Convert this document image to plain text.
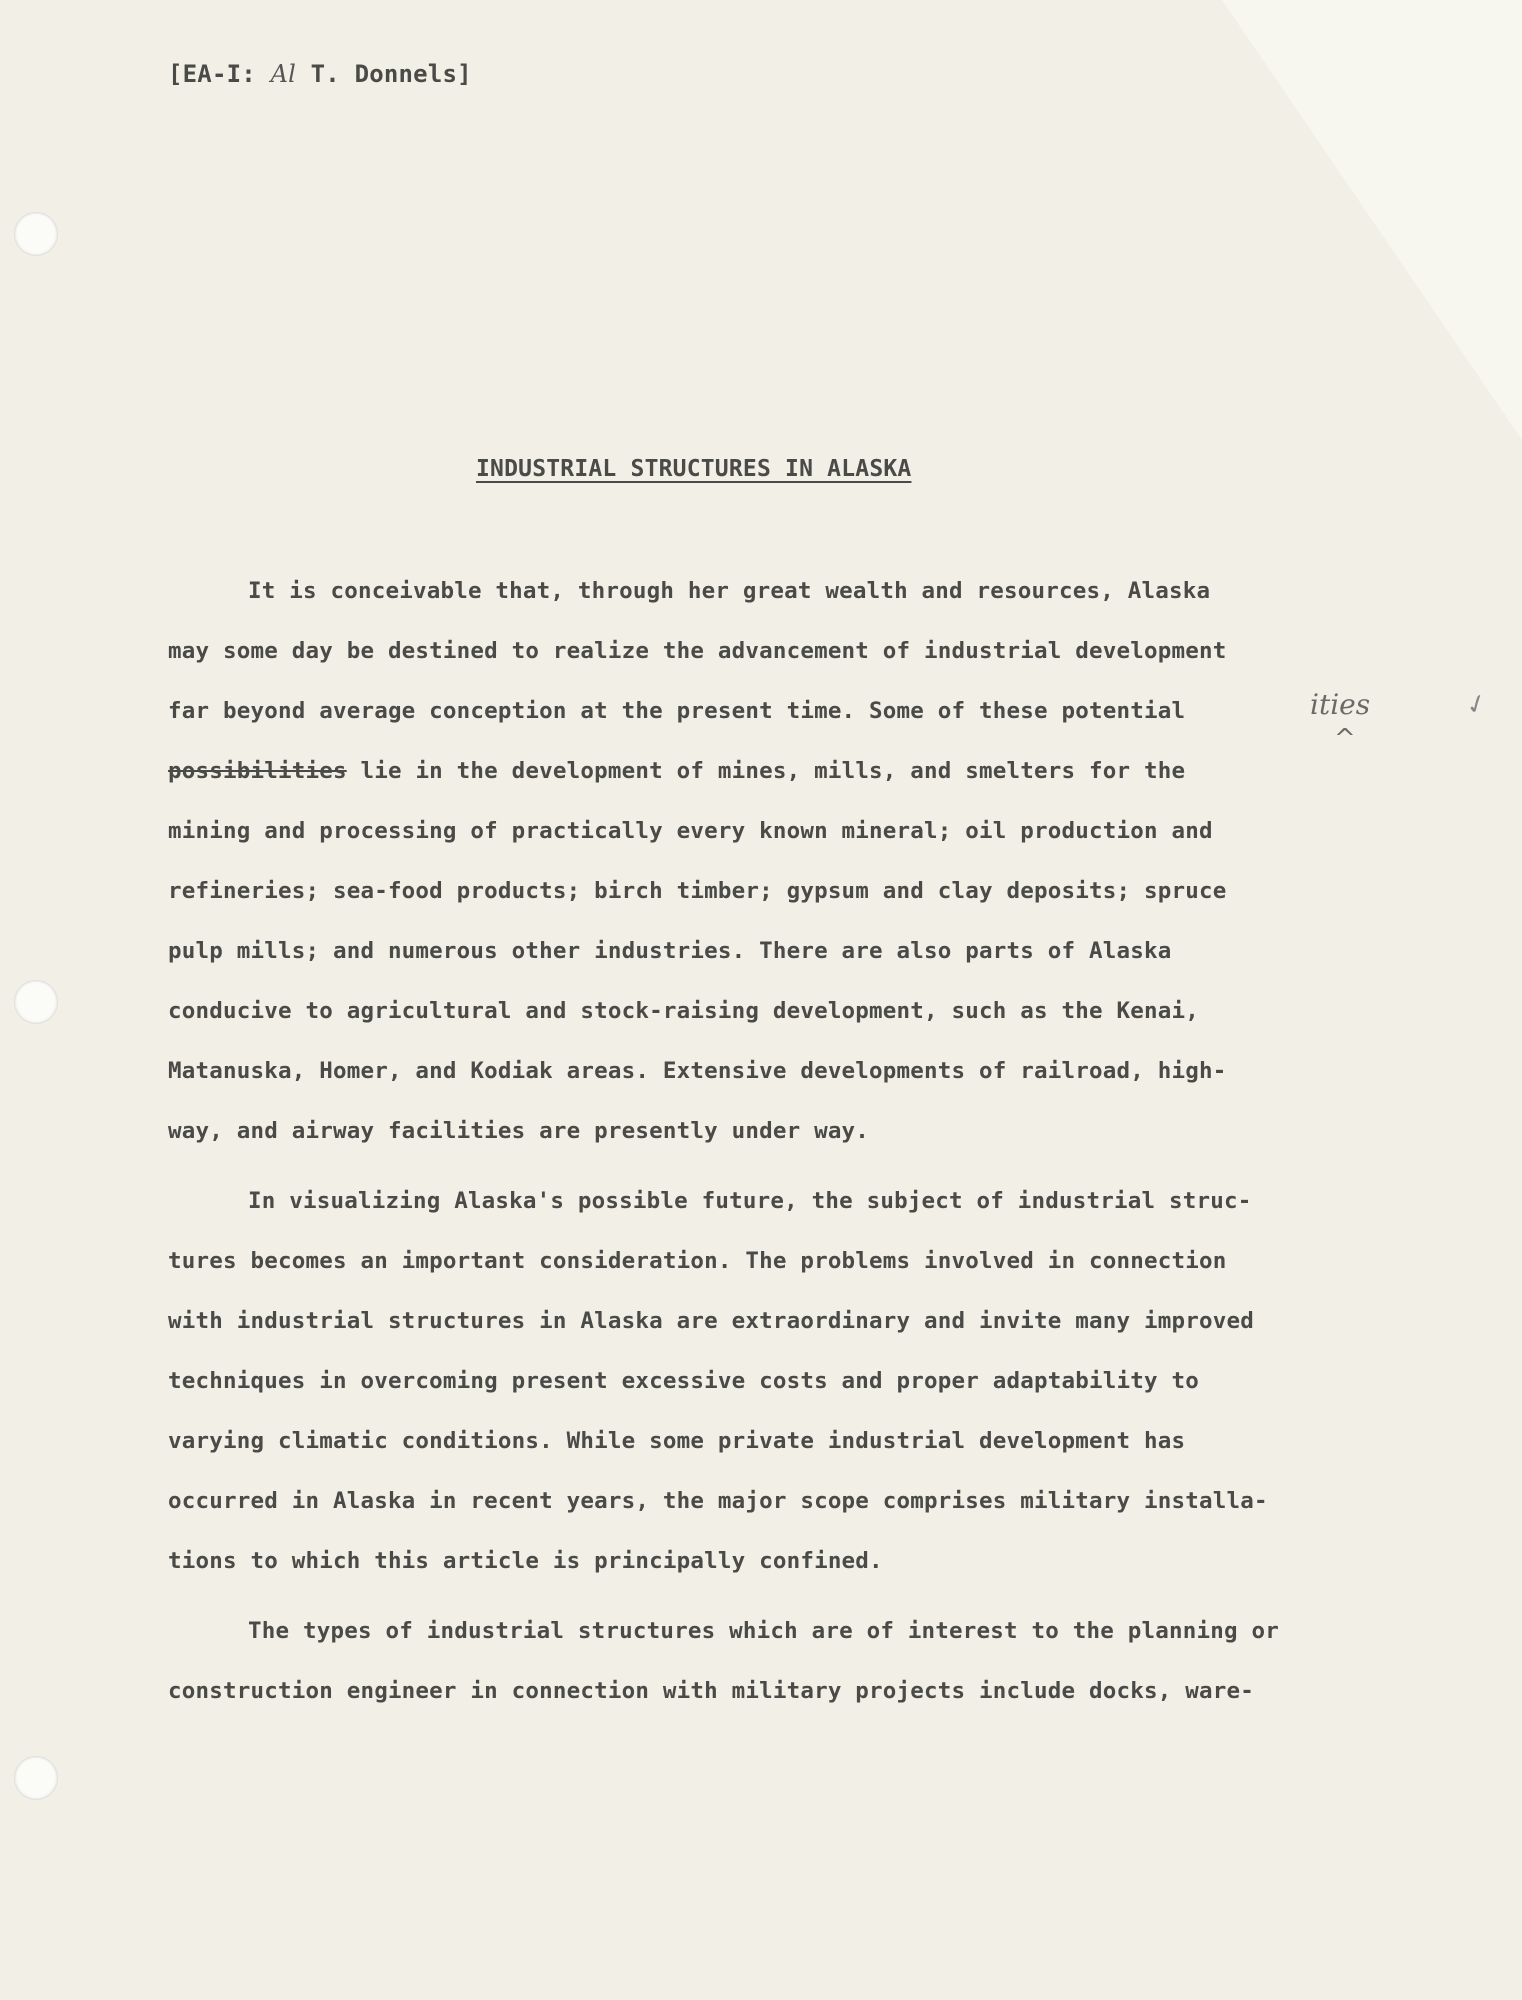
[EA-I: Al T. Donnels]
INDUSTRIAL STRUCTURES IN ALASKA
It is conceivable that, through her great wealth and resources, Alaska
may some day be destined to realize the advancement of industrial development
far beyond average conception at the present time. Some of these potential
possibilities lie in the development of mines, mills, and smelters for the
mining and processing of practically every known mineral; oil production and
refineries; sea-food products; birch timber; gypsum and clay deposits; spruce
pulp mills; and numerous other industries. There are also parts of Alaska
conducive to agricultural and stock-raising development, such as the Kenai,
Matanuska, Homer, and Kodiak areas. Extensive developments of railroad, high-
way, and airway facilities are presently under way.
In visualizing Alaska's possible future, the subject of industrial struc-
tures becomes an important consideration. The problems involved in connection
with industrial structures in Alaska are extraordinary and invite many improved
techniques in overcoming present excessive costs and proper adaptability to
varying climatic conditions. While some private industrial development has
occurred in Alaska in recent years, the major scope comprises military installa-
tions to which this article is principally confined.
The types of industrial structures which are of interest to the planning or
construction engineer in connection with military projects include docks, ware-
ities
^
✓
